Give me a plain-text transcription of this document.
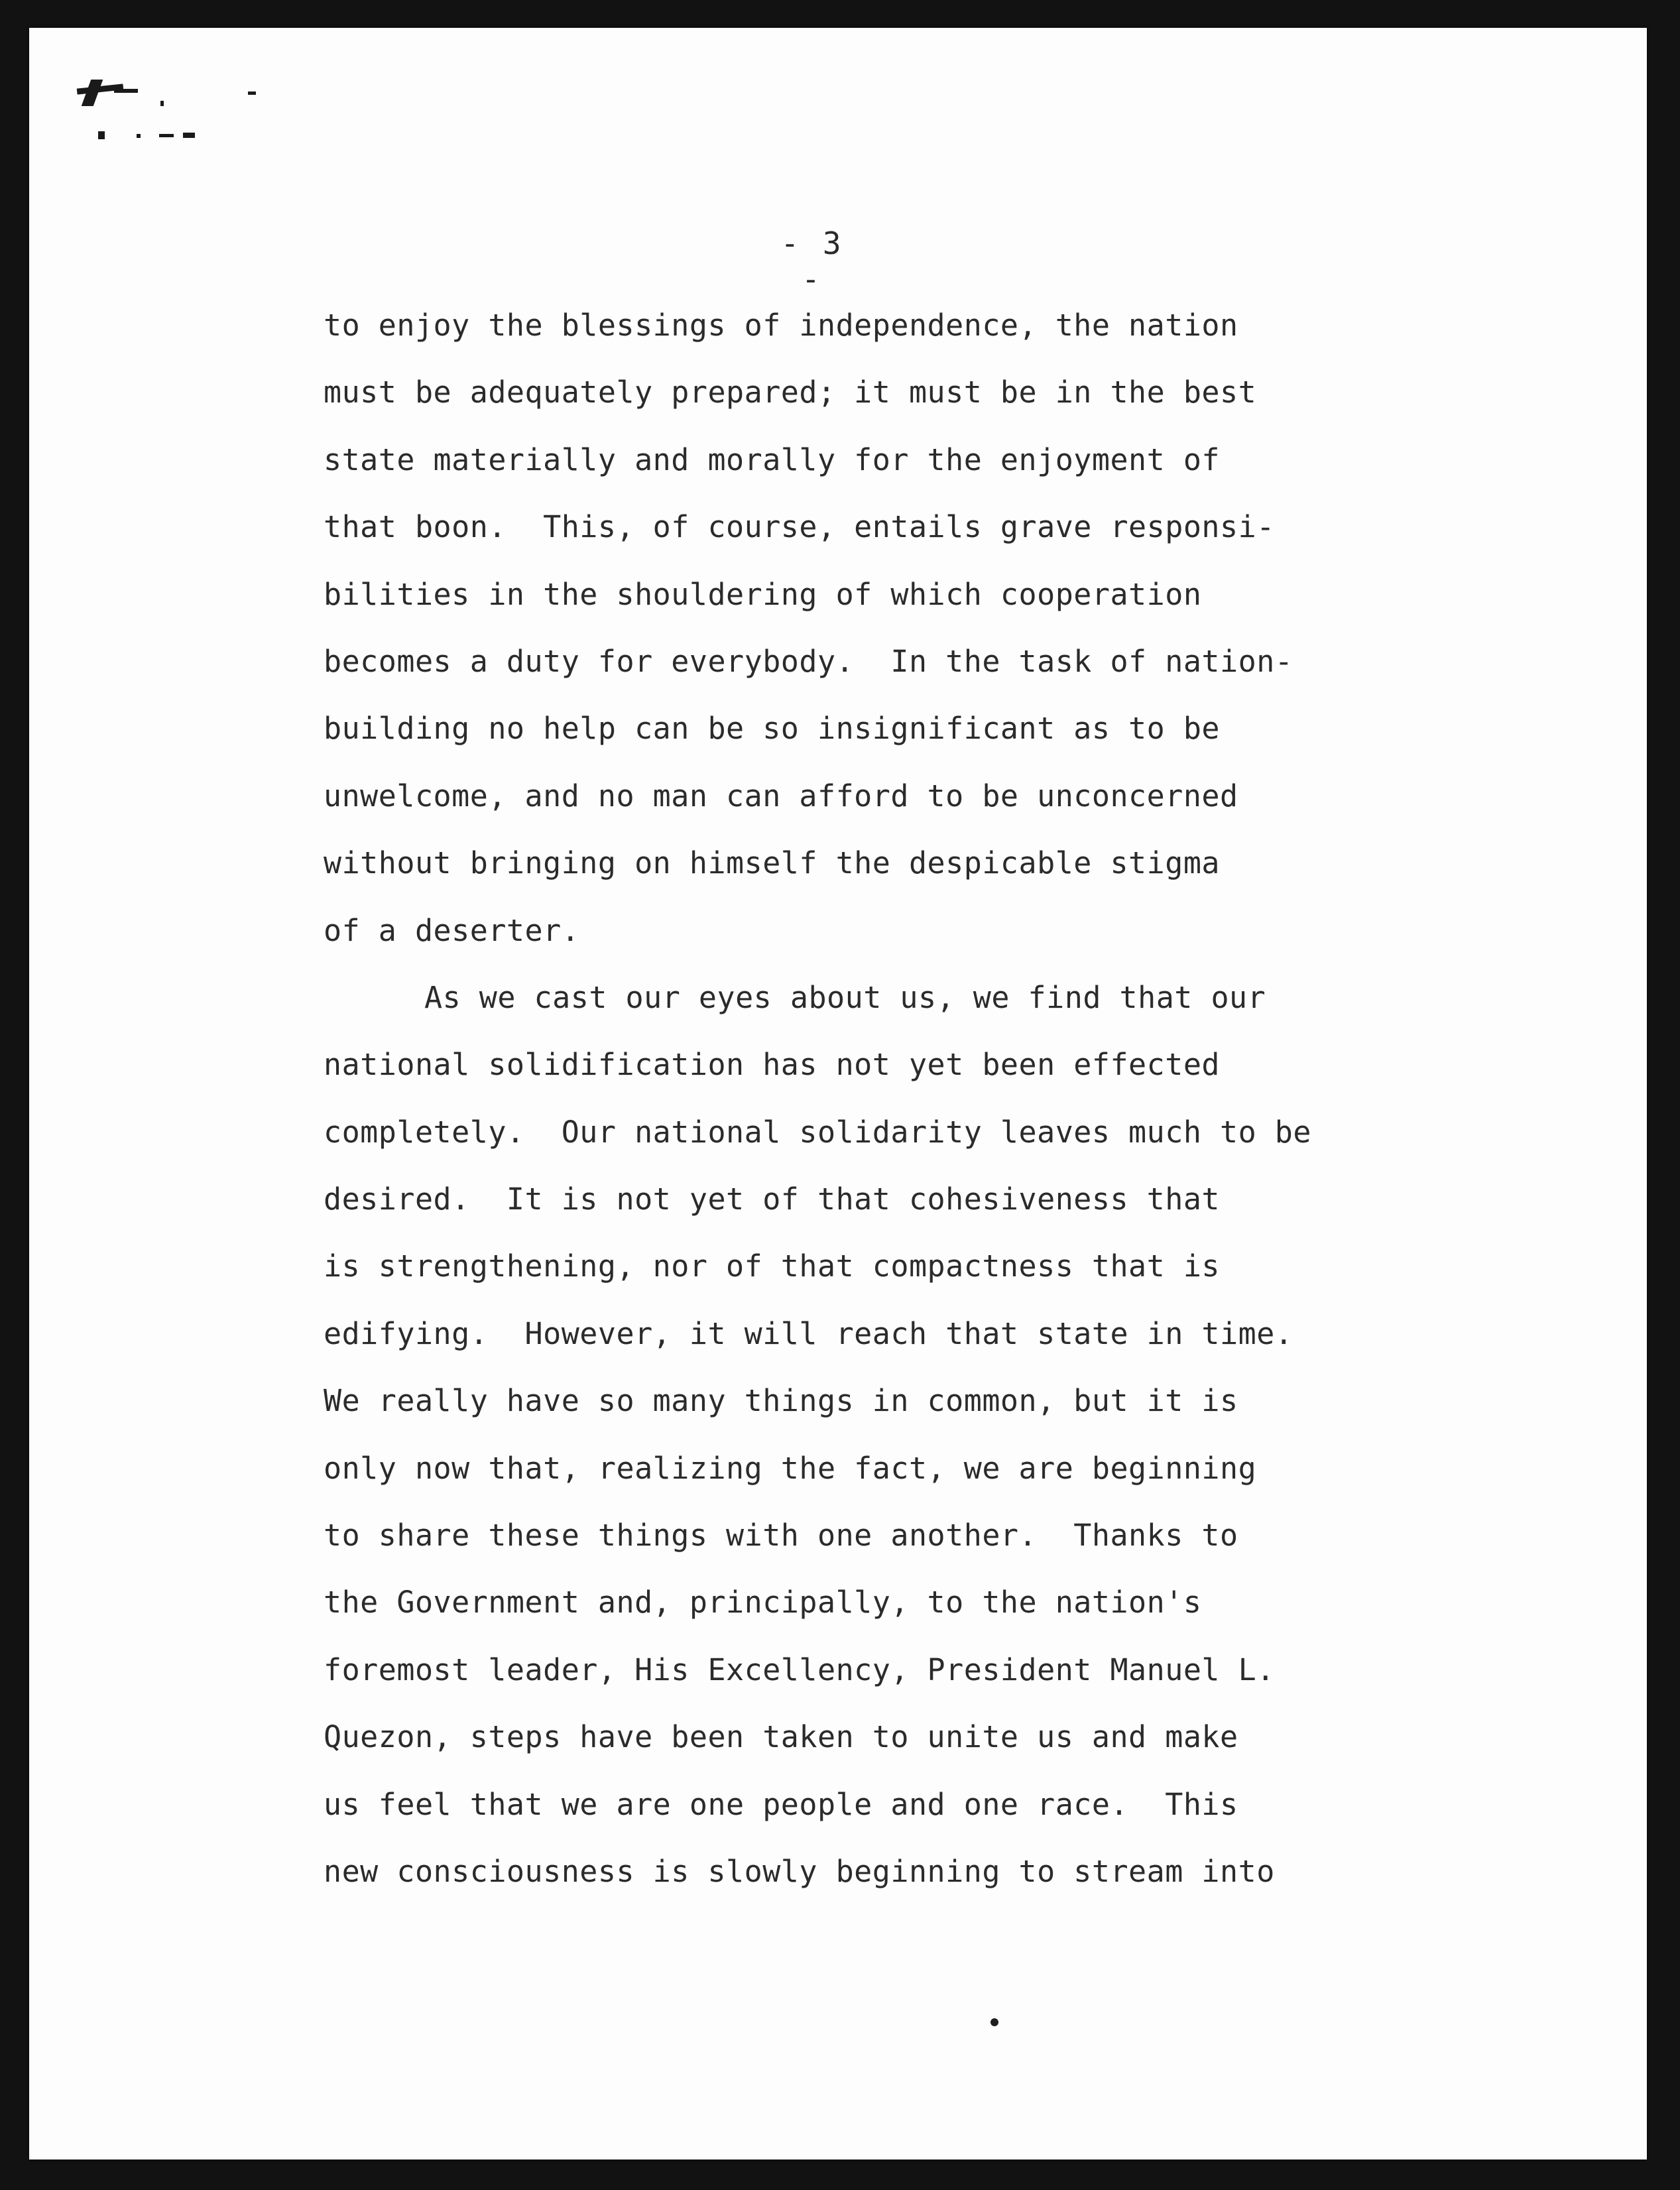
- 3 -
to enjoy the blessings of independence, the nation
must be adequately prepared; it must be in the best
state materially and morally for the enjoyment of
that boon.  This, of course, entails grave responsi-
bilities in the shouldering of which cooperation
becomes a duty for everybody.  In the task of nation-
building no help can be so insignificant as to be
unwelcome, and no man can afford to be unconcerned
without bringing on himself the despicable stigma
of a deserter.
As we cast our eyes about us, we find that our
national solidification has not yet been effected
completely.  Our national solidarity leaves much to be
desired.  It is not yet of that cohesiveness that
is strengthening, nor of that compactness that is
edifying.  However, it will reach that state in time.
We really have so many things in common, but it is
only now that, realizing the fact, we are beginning
to share these things with one another.  Thanks to
the Government and, principally, to the nation's
foremost leader, His Excellency, President Manuel L.
Quezon, steps have been taken to unite us and make
us feel that we are one people and one race.  This
new consciousness is slowly beginning to stream into
